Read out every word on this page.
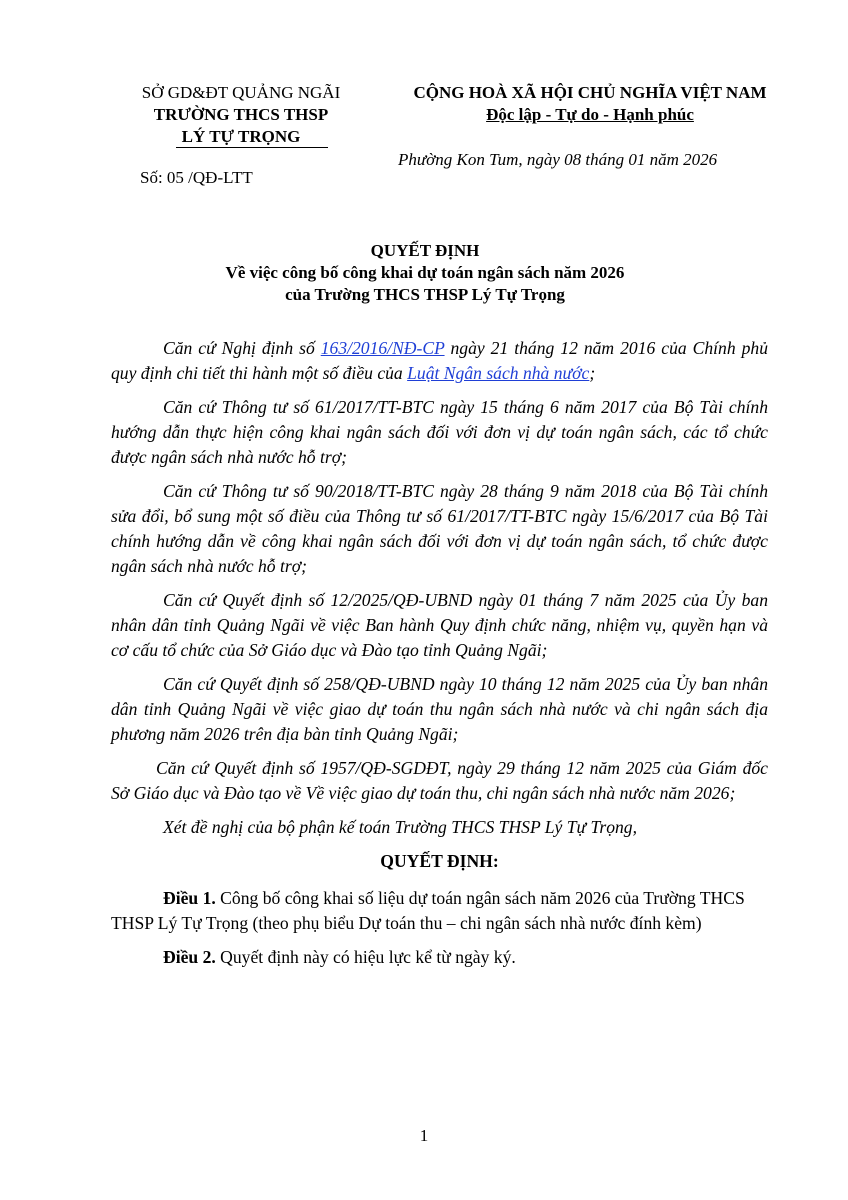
SỞ GD&ĐT QUẢNG NGÃI
TRƯỜNG THCS THSP
LÝ TỰ TRỌNG
Số: 05 /QĐ-LTT
CỘNG HOÀ XÃ HỘI CHỦ NGHĨA VIỆT NAM
Độc lập - Tự do - Hạnh phúc
Phường Kon Tum, ngày 08 tháng 01 năm 2026
QUYẾT ĐỊNH
Về việc công bố công khai dự toán ngân sách năm 2026
của Trường THCS THSP Lý Tự Trọng

Căn cứ Nghị định số 163/2016/NĐ-CP ngày 21 tháng 12 năm 2016 của Chính phủ quy định chi tiết thi hành một số điều của Luật Ngân sách nhà nước;

Căn cứ Thông tư số 61/2017/TT-BTC ngày 15 tháng 6 năm 2017 của Bộ Tài chính hướng dẫn thực hiện công khai ngân sách đối với đơn vị dự toán ngân sách, các tổ chức được ngân sách nhà nước hỗ trợ;

Căn cứ Thông tư số 90/2018/TT-BTC ngày 28 tháng 9 năm 2018 của Bộ Tài chính sửa đổi, bổ sung một số điều của Thông tư số 61/2017/TT-BTC ngày 15/6/2017 của Bộ Tài chính hướng dẫn về công khai ngân sách đối với đơn vị dự toán ngân sách, tổ chức được ngân sách nhà nước hỗ trợ;

Căn cứ Quyết định số 12/2025/QĐ-UBND ngày 01 tháng 7 năm 2025 của Ủy ban nhân dân tỉnh Quảng Ngãi về việc Ban hành Quy định chức năng, nhiệm vụ, quyền hạn và cơ cấu tổ chức của Sở Giáo dục và Đào tạo tỉnh Quảng Ngãi;

Căn cứ Quyết định số 258/QĐ-UBND ngày 10 tháng 12 năm 2025 của Ủy ban nhân dân tỉnh Quảng Ngãi về việc giao dự toán thu ngân sách nhà nước và chi ngân sách địa phương năm 2026 trên địa bàn tỉnh Quảng Ngãi;

Căn cứ Quyết định số 1957/QĐ-SGDĐT, ngày 29 tháng 12 năm 2025 của Giám đốc Sở Giáo dục và Đào tạo về Về việc giao dự toán thu, chi ngân sách nhà nước năm 2026;

Xét đề nghị của bộ phận kế toán Trường THCS THSP Lý Tự Trọng,

QUYẾT ĐỊNH:

Điều 1. Công bố công khai số liệu dự toán ngân sách năm 2026 của Trường THCS THSP Lý Tự Trọng (theo phụ biểu Dự toán thu – chi ngân sách nhà nước đính kèm)

Điều 2. Quyết định này có hiệu lực kể từ ngày ký.

1
